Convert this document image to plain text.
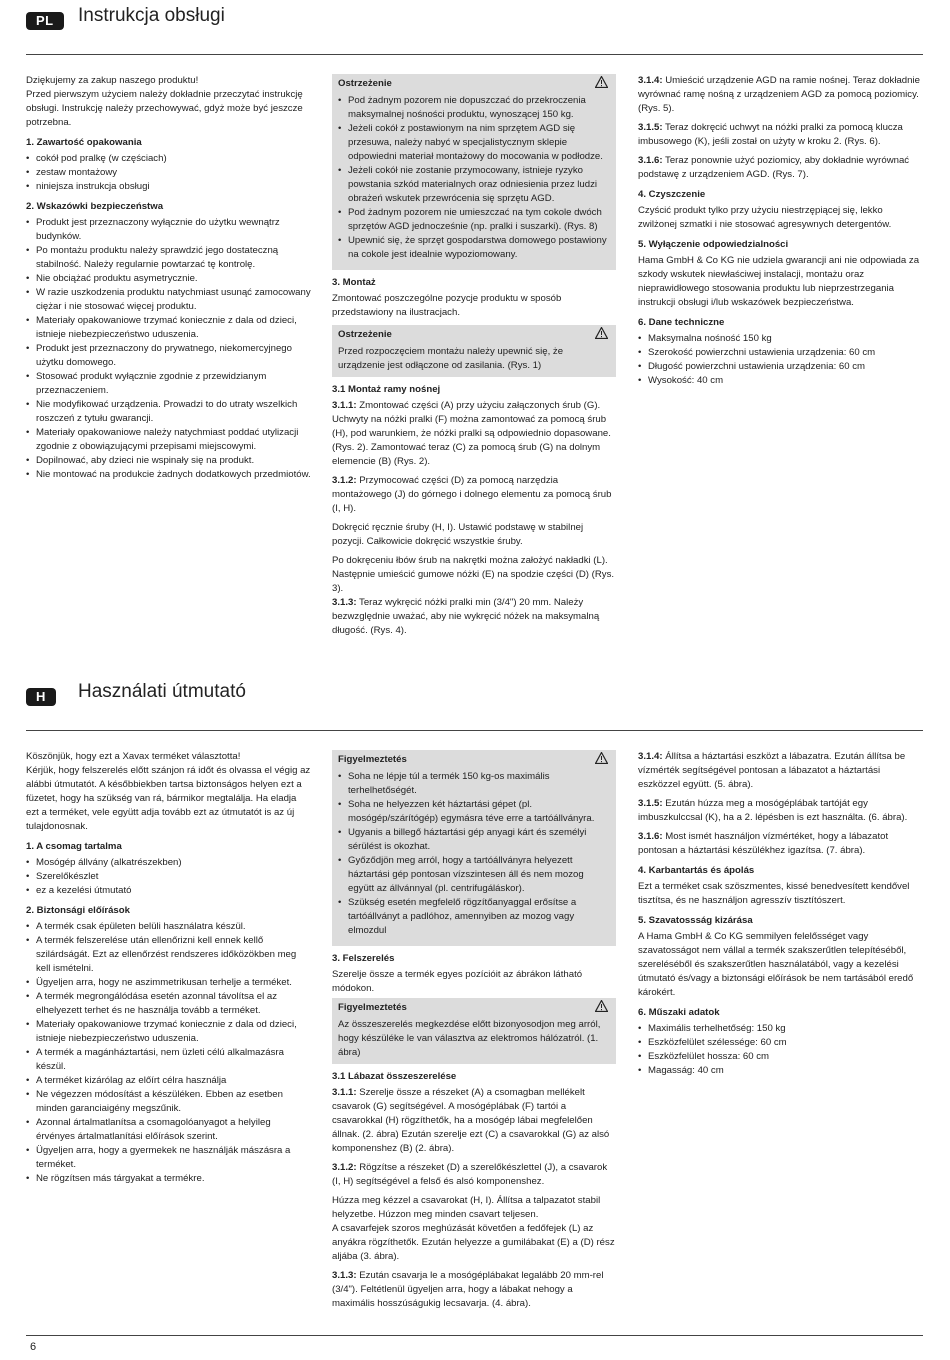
PL	Instrukcja obsługi

Dziękujemy za zakup naszego produktu!

Przed pierwszym użyciem należy dokładnie przeczytać instrukcję obsługi. Instrukcję należy przechowywać, gdyż może być jeszcze potrzebna.

1. Zawartość opakowania
• cokół pod pralkę (w częściach)
• zestaw montażowy
• niniejsza instrukcja obsługi
2. Wskazówki bezpieczeństwa
• Produkt jest przeznaczony wyłącznie do użytku wewnątrz budynków.
• Po montażu produktu należy sprawdzić jego dostateczną stabilność. Należy regularnie powtarzać tę kontrolę.
• Nie obciążać produktu asymetrycznie.
• W razie uszkodzenia produktu natychmiast usunąć zamocowany ciężar i nie stosować więcej produktu.
• Materiały opakowaniowe trzymać koniecznie z dala od dzieci, istnieje niebezpieczeństwo uduszenia.
• Produkt jest przeznaczony do prywatnego, niekomercyjnego użytku domowego.
• Stosować produkt wyłącznie zgodnie z przewidzianym przeznaczeniem.
• Nie modyfikować urządzenia. Prowadzi to do utraty wszelkich roszczeń z tytułu gwarancji.
• Materiały opakowaniowe należy natychmiast poddać utylizacji zgodnie z obowiązującymi przepisami miejscowymi.
• Dopilnować, aby dzieci nie wspinały się na produkt.
• Nie montować na produkcie żadnych dodatkowych przedmiotów.
Ostrzeżenie
• Pod żadnym pozorem nie dopuszczać do przekroczenia maksymalnej nośności produktu, wynoszącej 150 kg.
• Jeżeli cokół z postawionym na nim sprzętem AGD się przesuwa, należy nabyć w specjalistycznym sklepie odpowiedni materiał montażowy do mocowania w podłodze.
• Jeżeli cokół nie zostanie przymocowany, istnieje ryzyko powstania szkód materialnych oraz odniesienia przez ludzi obrażeń wskutek przewrócenia się sprzętu AGD.
• Pod żadnym pozorem nie umieszczać na tym cokole dwóch sprzętów AGD jednocześnie (np. pralki i suszarki). (Rys. 8)
• Upewnić się, że sprzęt gospodarstwa domowego postawiony na cokole jest idealnie wypoziomowany.
3. Montaż

Zmontować poszczególne pozycje produktu w sposób przedstawiony na ilustracjach.

Ostrzeżenie

Przed rozpoczęciem montażu należy upewnić się, że urządzenie jest odłączone od zasilania. (Rys. 1)

3.1 Montaż ramy nośnej

3.1.1: Zmontować części (A) przy użyciu załączonych śrub (G). Uchwyty na nóżki pralki (F) można zamontować za pomocą śrub (H), pod warunkiem, że nóżki pralki są odpowiednio dopasowane. (Rys. 2). Zamontować teraz (C) za pomocą śrub (G) na dolnym elemencie (B) (Rys. 2).

3.1.2: Przymocować części (D) za pomocą narzędzia montażowego (J) do górnego i dolnego elementu za pomocą śrub (I, H).

Dokręcić ręcznie śruby (H, I). Ustawić podstawę w stabilnej pozycji. Całkowicie dokręcić wszystkie śruby.

Po dokręceniu łbów śrub na nakrętki można założyć nakładki (L).

Następnie umieścić gumowe nóżki (E) na spodzie części (D) (Rys. 3).

3.1.3: Teraz wykręcić nóżki pralki min (3/4") 20 mm. Należy bezwzględnie uważać, aby nie wykręcić nóżek na maksymalną długość. (Rys. 4).

3.1.4: Umieścić urządzenie AGD na ramie nośnej. Teraz dokładnie wyrównać ramę nośną z urządzeniem AGD za pomocą poziomicy. (Rys. 5).

3.1.5: Teraz dokręcić uchwyt na nóżki pralki za pomocą klucza imbusowego (K), jeśli został on użyty w kroku 2. (Rys. 6).

3.1.6: Teraz ponownie użyć poziomicy, aby dokładnie wyrównać podstawę z urządzeniem AGD. (Rys. 7).

4. Czyszczenie

Czyścić produkt tylko przy użyciu niestrzępiącej się, lekko zwilżonej szmatki i nie stosować agresywnych detergentów.

5. Wyłączenie odpowiedzialności

Hama GmbH & Co KG nie udziela gwarancji ani nie odpowiada za szkody wskutek niewłaściwej instalacji, montażu oraz nieprawidłowego stosowania produktu lub nieprzestrzegania instrukcji obsługi i/lub wskazówek bezpieczeństwa.

6. Dane techniczne
• Maksymalna nośność 150 kg
• Szerokość powierzchni ustawienia urządzenia: 60 cm
• Długość powierzchni ustawienia urządzenia: 60 cm
• Wysokość: 40 cm
H	Használati útmutató

Köszönjük, hogy ezt a Xavax terméket választotta!

Kérjük, hogy felszerelés előtt szánjon rá időt és olvassa el végig az alábbi útmutatót. A későbbiekben tartsa biztonságos helyen ezt a füzetet, hogy ha szükség van rá, bármikor megtalálja. Ha eladja ezt a terméket, vele együtt adja tovább ezt az útmutatót is az új tulajdonosnak.

1. A csomag tartalma
• Mosógép állvány (alkatrészekben)
• Szerelőkészlet
• ez a kezelési útmutató
2. Biztonsági előírások
• A termék csak épületen belüli használatra készül.
• A termék felszerelése után ellenőrizni kell ennek kellő szilárdságát. Ezt az ellenőrzést rendszeres időközökben meg kell ismételni.
• Ügyeljen arra, hogy ne aszimmetrikusan terhelje a terméket.
• A termék megrongálódása esetén azonnal távolítsa el az elhelyezett terhet és ne használja tovább a terméket.
• Materiały opakowaniowe trzymać koniecznie z dala od dzieci, istnieje niebezpieczeństwo uduszenia.
• A termék a magánháztartási, nem üzleti célú alkalmazásra készül.
• A terméket kizárólag az előírt célra használja
• Ne végezzen módosítást a készüléken. Ebben az esetben minden garanciaigény megszűnik.
• Azonnal ártalmatlanítsa a csomagolóanyagot a helyileg érvényes ártalmatlanítási előírások szerint.
• Ügyeljen arra, hogy a gyermekek ne használják mászásra a terméket.
• Ne rögzítsen más tárgyakat a termékre.
Figyelmeztetés
• Soha ne lépje túl a termék 150 kg-os maximális terhelhetőségét.
• Soha ne helyezzen két háztartási gépet (pl. mosógép/szárítógép) egymásra téve erre a tartóállványra.
• Ugyanis a billegő háztartási gép anyagi kárt és személyi sérülést is okozhat.
• Győződjön meg arról, hogy a tartóállványra helyezett háztartási gép pontosan vízszintesen áll és nem mozog együtt az állvánnyal (pl. centrifugáláskor).
• Szükség esetén megfelelő rögzítőanyaggal erősítse a tartóállványt a padlóhoz, amennyiben az mozog vagy elmozdul
3. Felszerelés

Szerelje össze a termék egyes pozícióit az ábrákon látható módokon.

Figyelmeztetés

Az összeszerelés megkezdése előtt bizonyosodjon meg arról, hogy készüléke le van választva az elektromos hálózatról. (1. ábra)

3.1 Lábazat összeszerelése

3.1.1: Szerelje össze a részeket (A) a csomagban mellékelt csavarok (G) segítségével. A mosógéplábak (F) tartói a csavarokkal (H) rögzíthetők, ha a mosógép lábai megfelelően állnak. (2. ábra) Ezután szerelje ezt (C) a csavarokkal (G) az alsó komponenshez (B) (2. ábra).

3.1.2: Rögzítse a részeket (D) a szerelőkészlettel (J), a csavarok (I, H) segítségével a felső és alsó komponenshez.

Húzza meg kézzel a csavarokat (H, I). Állítsa a talpazatot stabil helyzetbe. Húzzon meg minden csavart teljesen.

A csavarfejek szoros meghúzását követően a fedőfejek (L) az anyákra rögzíthetők. Ezután helyezze a gumilábakat (E) a (D) rész aljába (3. ábra).

3.1.3: Ezután csavarja le a mosógéplábakat legalább 20 mm-rel (3/4"). Feltétlenül ügyeljen arra, hogy a lábakat nehogy a maximális hosszúságukig lecsavarja. (4. ábra).

3.1.4: Állítsa a háztartási eszközt a lábazatra. Ezután állítsa be vízmérték segítségével pontosan a lábazatot a háztartási eszközzel együtt. (5. ábra).

3.1.5: Ezután húzza meg a mosógéplábak tartóját egy imbuszkulccsal (K), ha a 2. lépésben is ezt használta. (6. ábra).

3.1.6: Most ismét használjon vízmértéket, hogy a lábazatot pontosan a háztartási készülékhez igazítsa. (7. ábra).

4. Karbantartás és ápolás

Ezt a terméket csak szöszmentes, kissé benedvesített kendővel tisztítsa, és ne használjon agresszív tisztítószert.

5. Szavatossság kizárása

A Hama GmbH & Co KG semmilyen felelősséget vagy szavatosságot nem vállal a termék szakszerűtlen telepítéséből, szereléséből és szakszerűtlen használatából, vagy a kezelési útmutató és/vagy a biztonsági előírások be nem tartásából eredő károkért.

6. Műszaki adatok
• Maximális terhelhetőség: 150 kg
• Eszközfelület szélessége: 60 cm
• Eszközfelület hossza: 60 cm
• Magasság: 40 cm
6
